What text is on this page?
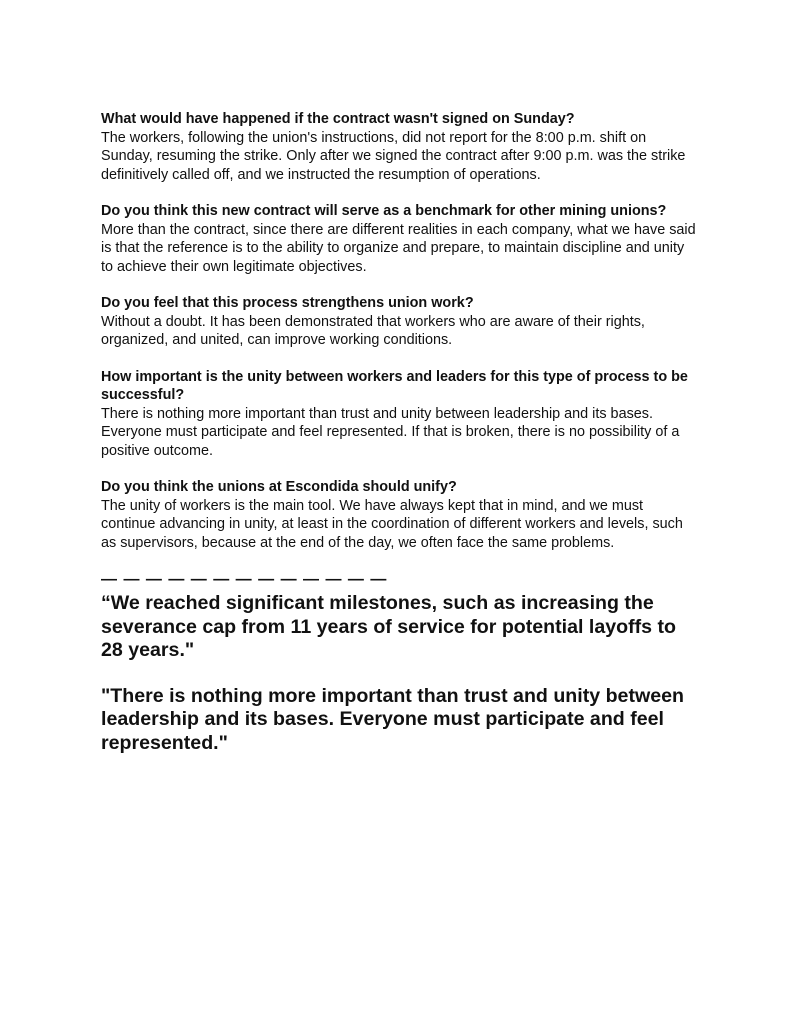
What would have happened if the contract wasn't signed on Sunday?

The workers, following the union's instructions, did not report for the 8:00 p.m. shift on Sunday, resuming the strike. Only after we signed the contract after 9:00 p.m. was the strike definitively called off, and we instructed the resumption of operations.

Do you think this new contract will serve as a benchmark for other mining unions?

More than the contract, since there are different realities in each company, what we have said is that the reference is to the ability to organize and prepare, to maintain discipline and unity to achieve their own legitimate objectives.

Do you feel that this process strengthens union work?

Without a doubt. It has been demonstrated that workers who are aware of their rights, organized, and united, can improve working conditions.

How important is the unity between workers and leaders for this type of process to be successful?

There is nothing more important than trust and unity between leadership and its bases. Everyone must participate and feel represented. If that is broken, there is no possibility of a positive outcome.

Do you think the unions at Escondida should unify?

The unity of workers is the main tool. We have always kept that in mind, and we must continue advancing in unity, at least in the coordination of different workers and levels, such as supervisors, because at the end of the day, we often face the same problems.

— — — — — — — — — — — — —

“We reached significant milestones, such as increasing the severance cap from 11 years of service for potential layoffs to 28 years."

"There is nothing more important than trust and unity between leadership and its bases. Everyone must participate and feel represented."
